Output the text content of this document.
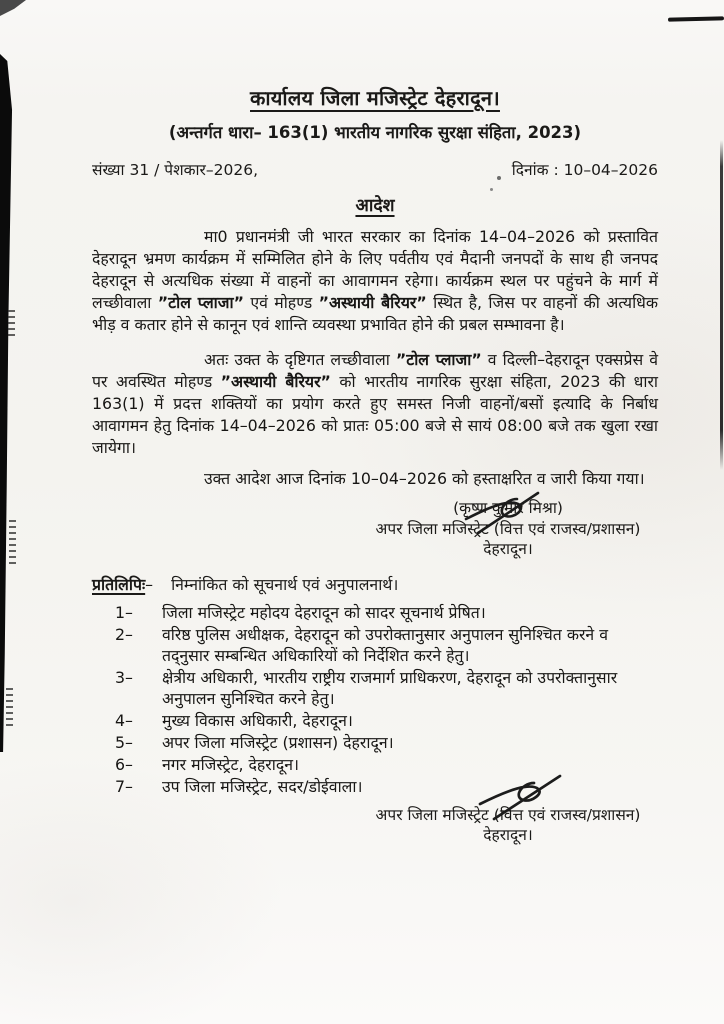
कार्यालय जिला मजिस्ट्रेट देहरादून।
(अन्तर्गत धारा– 163(1) भारतीय नागरिक सुरक्षा संहिता, 2023)
संख्या 31 / पेशकार–2026,	दिनांक : 10–04–2026
आदेश

मा0 प्रधानमंत्री जी भारत सरकार का दिनांक 14–04–2026 को प्रस्तावित देहरादून भ्रमण कार्यक्रम में सम्मिलित होने के लिए पर्वतीय एवं मैदानी जनपदों के साथ ही जनपद देहरादून से अत्यधिक संख्या में वाहनों का आवागमन रहेगा। कार्यक्रम स्थल पर पहुंचने के मार्ग में लच्छीवाला ”टोल प्लाजा” एवं मोहण्ड ”अस्थायी बैरियर” स्थित है, जिस पर वाहनों की अत्यधिक भीड़ व कतार होने से कानून एवं शान्ति व्यवस्था प्रभावित होने की प्रबल सम्भावना है।

अतः उक्त के दृष्टिगत लच्छीवाला ”टोल प्लाजा” व दिल्ली–देहरादून एक्सप्रेस वे पर अवस्थित मोहण्ड ”अस्थायी बैरियर” को भारतीय नागरिक सुरक्षा संहिता, 2023 की धारा 163(1) में प्रदत्त शक्तियों का प्रयोग करते हुए समस्त निजी वाहनों/बसों इत्यादि के निर्बाध आवागमन हेतु दिनांक 14–04–2026 को प्रातः 05:00 बजे से सायं 08:00 बजे तक खुला रखा जायेगा।

उक्त आदेश आज दिनांक 10–04–2026 को हस्ताक्षरित व जारी किया गया।

(कृष्ण कुमार मिश्रा)
अपर जिला मजिस्ट्रेट (वित्त एवं राजस्व/प्रशासन)
देहरादून।
प्रतिलिपिः– निम्नांकित को सूचनार्थ एवं अनुपालनार्थ।
1–	जिला मजिस्ट्रेट महोदय देहरादून को सादर सूचनार्थ प्रेषित।
2–	वरिष्ठ पुलिस अधीक्षक, देहरादून को उपरोक्तानुसार अनुपालन सुनिश्चित करने व तद्नुसार सम्बन्धित अधिकारियों को निर्देशित करने हेतु।
3–	क्षेत्रीय अधिकारी, भारतीय राष्ट्रीय राजमार्ग प्राधिकरण, देहरादून को उपरोक्तानुसार अनुपालन सुनिश्चित करने हेतु।
4–	मुख्य विकास अधिकारी, देहरादून।
5–	अपर जिला मजिस्ट्रेट (प्रशासन) देहरादून।
6–	नगर मजिस्ट्रेट, देहरादून।
7–	उप जिला मजिस्ट्रेट, सदर/डोईवाला।
अपर जिला मजिस्ट्रेट (वित्त एवं राजस्व/प्रशासन)
देहरादून।
